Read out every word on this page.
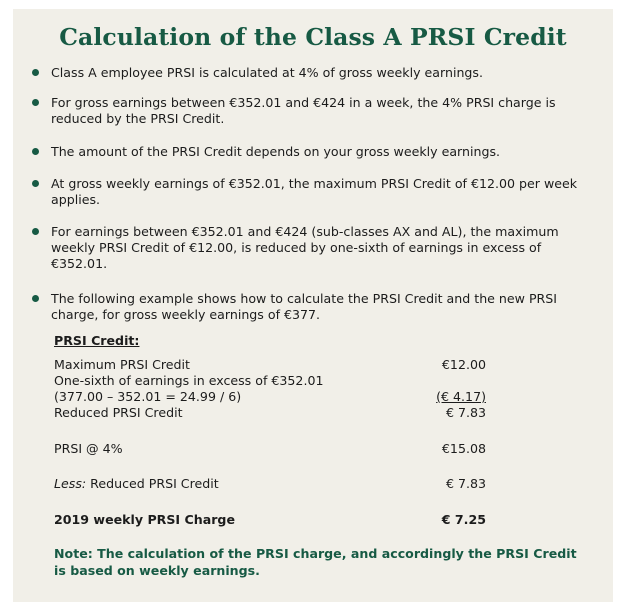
Calculation of the Class A PRSI Credit
Class A employee PRSI is calculated at 4% of gross weekly earnings.
For gross earnings between €352.01 and €424 in a week, the 4% PRSI charge is reduced by the PRSI Credit.
The amount of the PRSI Credit depends on your gross weekly earnings.
At gross weekly earnings of €352.01, the maximum PRSI Credit of €12.00 per week applies.
For earnings between €352.01 and €424 (sub-classes AX and AL), the maximum weekly PRSI Credit of €12.00, is reduced by one-sixth of earnings in excess of €352.01.
The following example shows how to calculate the PRSI Credit and the new PRSI charge, for gross weekly earnings of €377.
PRSI Credit:
Maximum PRSI Credit	€12.00
One-sixth of earnings in excess of €352.01
(377.00 – 352.01 = 24.99 / 6)	(€ 4.17)
Reduced PRSI Credit	€ 7.83
PRSI @ 4%	€15.08
Less: Reduced PRSI Credit	€ 7.83
2019 weekly PRSI Charge	€ 7.25
Note: The calculation of the PRSI charge, and accordingly the PRSI Credit is based on weekly earnings.
